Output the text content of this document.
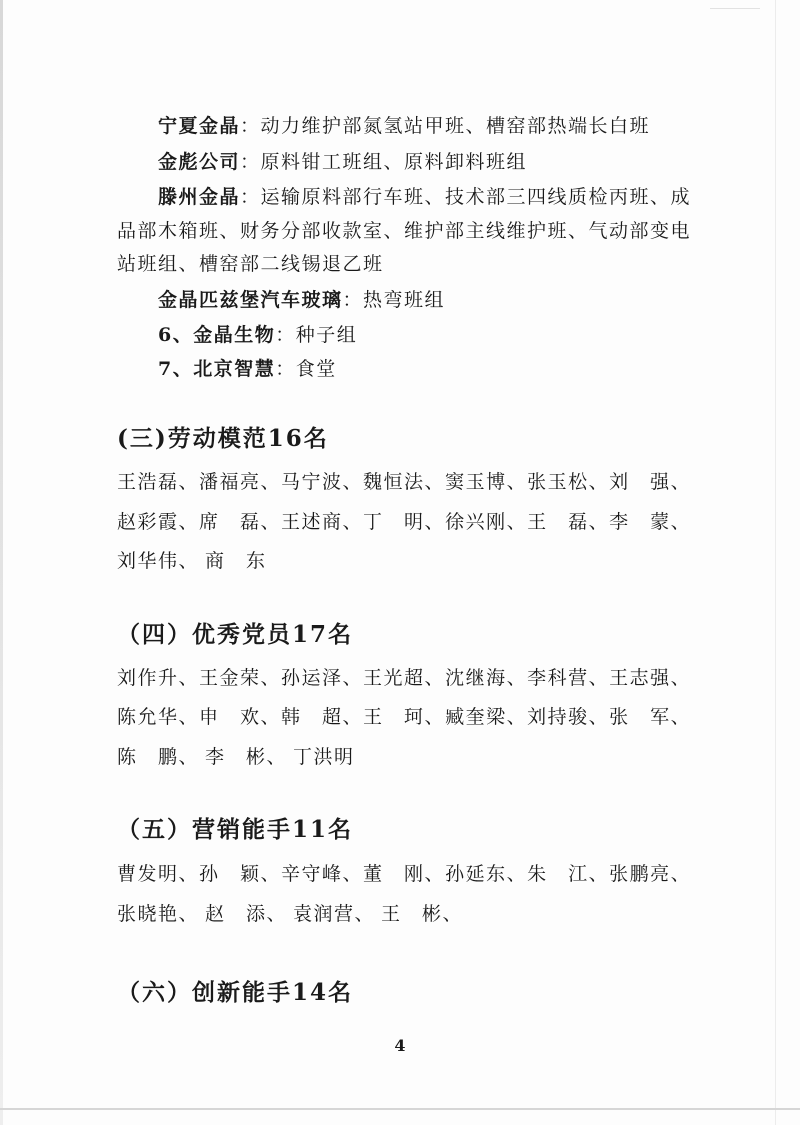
宁夏金晶：动力维护部氮氢站甲班、槽窑部热端长白班
金彪公司：原料钳工班组、原料卸料班组
滕州金晶：运输原料部行车班、技术部三四线质检丙班、成
品部木箱班、财务分部收款室、维护部主线维护班、气动部变电
站班组、槽窑部二线锡退乙班
金晶匹兹堡汽车玻璃：热弯班组
6、金晶生物：种子组
7、北京智慧：食堂
(三)劳动模范16名
王浩磊、 潘福亮、 马宁波、 魏恒法、 窦玉博、 张玉松、 刘　强、
赵彩霞、 席　磊、 王述商、 丁　明、 徐兴刚、 王　磊、 李　蒙、
刘华伟、 商　东
（四）优秀党员17名
刘作升、 王金荣、 孙运泽、 王光超、 沈继海、 李科营、 王志强、
陈允华、 申　欢、 韩　超、 王　珂、 臧奎梁、 刘持骏、 张　军、
陈　鹏、 李　彬、 丁洪明
（五）营销能手11名
曹发明、 孙　颖、 辛守峰、 董　刚、 孙延东、 朱　江、 张鹏亮、
张晓艳、 赵　添、 袁润营、 王　彬、
（六）创新能手14名
4
